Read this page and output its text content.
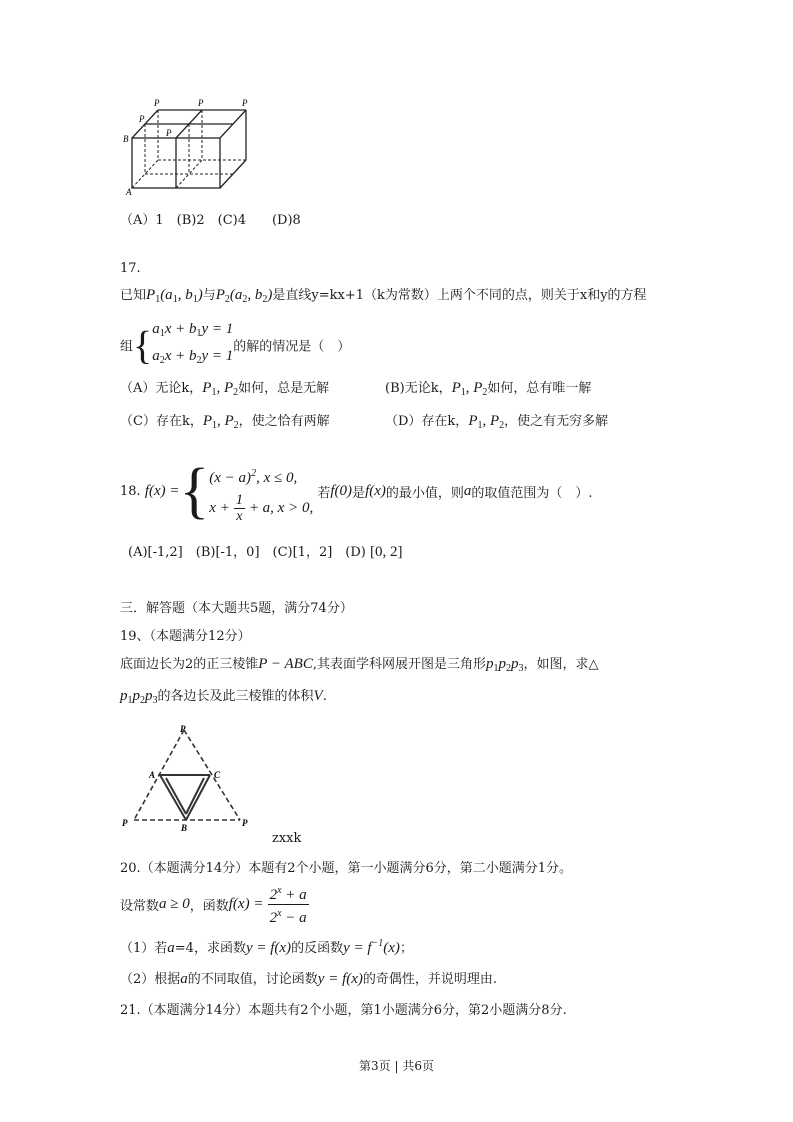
P	P	P
P
P
B
A
（A）1　(B)2　(C)4　　(D)8
17.
已知$P_1(a_1$, $b_1$)与$P_2(a_2$, $b_2$)是直线y=kx+1（k为常数）上两个不同的点，则关于x和y的方程
组{$a_1x + b_1y = 1$
$a_2x + b_2y = 1$的解的情况是（　）
（A）无论k，$P_1$, $P_2$如何，总是无解	(B)无论k，$P_1$, $P_2$如何，总有唯一解
（C）存在k，$P_1$, $P_2$，使之恰有两解	（D）存在k，$P_1$, $P_2$，使之有无穷多解
18. $f(x) =\{(x - a)^2$, x ≤ 0,
$x + \frac{1}{x} + a$, x > 0, 若f(0)是f(x)的最小值，则a的取值范围为（　）.
(A)[-1,2]　(B)[-1，0]　(C)[1，2]　(D) [0, 2]
三．解答题（本大题共5题，满分74分）
19、（本题满分12分）
底面边长为2的正三棱锥P − ABC,其表面学科网展开图是三角形$p_1p_2p_3$，如图，求△
$p_1p_2p_3$的各边长及此三棱锥的体积V.
P
A	C
B
P	P
zxxk
20.（本题满分14分）本题有2个小题，第一小题满分6分，第二小题满分1分。
设常数a ≥ 0，函数$f(x) = \frac{2^x + a}{2^x - a}$
（1）若a=4，求函数y = f(x)的反函数$y = f^{-1}(x)$；
（2）根据a的不同取值，讨论函数y = f(x)的奇偶性，并说明理由.
21.（本题满分14分）本题共有2个小题，第1小题满分6分，第2小题满分8分.
第3页 | 共6页
